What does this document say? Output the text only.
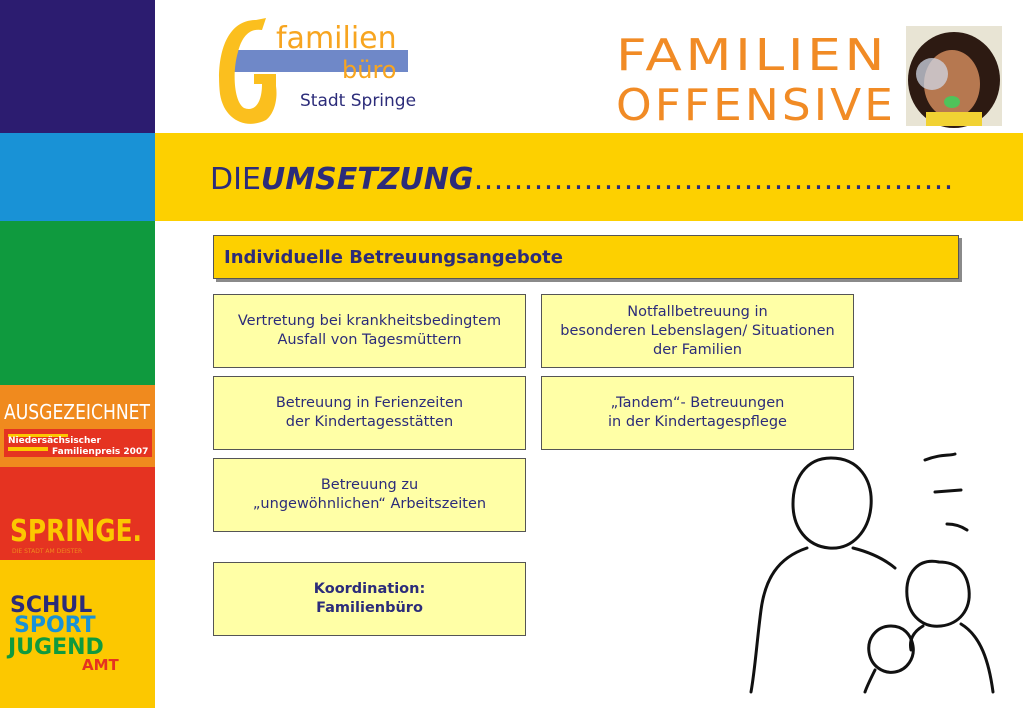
familien
büro
Stadt Springe
FAMILIEN
OFFENSIVE
AUSGEZEICHNET
Niedersächsischer
Familienpreis 2007
SPRINGE.
DIE STADT AM DEISTER
SCHUL
SPORT
JUGEND
AMT
DIEUMSETZUNG…………………………………………
Individuelle Betreuungsangebote
Vertretung bei krankheitsbedingtem
Ausfall von Tagesmüttern
Notfallbetreuung in
besonderen Lebenslagen/ Situationen
der Familien
Betreuung in Ferienzeiten
der Kindertagesstätten
„Tandem“- Betreuungen
in der Kindertagespflege
Betreuung zu
„ungewöhnlichen“ Arbeitszeiten
Koordination:
Familienbüro
